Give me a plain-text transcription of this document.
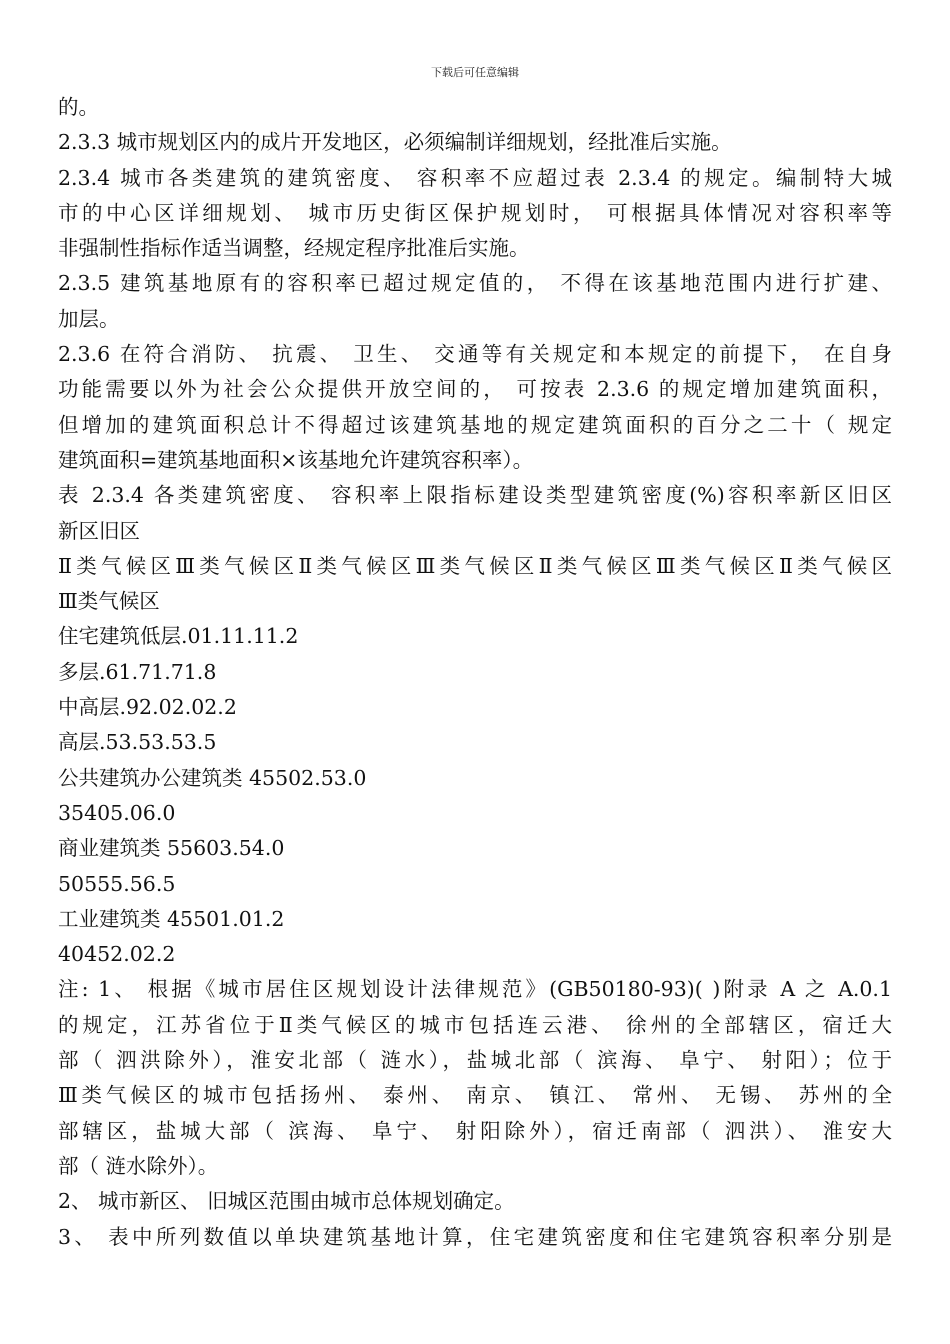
下载后可任意编辑
的。
2.3.3 城市规划区内的成片开发地区，必须编制详细规划，经批准后实施。
2.3.4 城市各类建筑的建筑密度、 容积率不应超过表 2.3.4 的规定。编制特大城
市的中心区详细规划、 城市历史街区保护规划时， 可根据具体情况对容积率等
非强制性指标作适当调整，经规定程序批准后实施。
2.3.5 建筑基地原有的容积率已超过规定值的， 不得在该基地范围内进行扩建、
加层。
2.3.6 在符合消防、 抗震、 卫生、 交通等有关规定和本规定的前提下， 在自身
功能需要以外为社会公众提供开放空间的， 可按表 2.3.6 的规定增加建筑面积，
但增加的建筑面积总计不得超过该建筑基地的规定建筑面积的百分之二十（ 规定
建筑面积=建筑基地面积×该基地允许建筑容积率）。
表 2.3.4 各类建筑密度、 容积率上限指标建设类型建筑密度(%)容积率新区旧区
新区旧区
Ⅱ类气候区Ⅲ类气候区Ⅱ类气候区Ⅲ类气候区Ⅱ类气候区Ⅲ类气候区Ⅱ类气候区
Ⅲ类气候区
住宅建筑低层.01.11.11.2
多层.61.71.71.8
中高层.92.02.02.2
高层.53.53.53.5
公共建筑办公建筑类 45502.53.0
35405.06.0
商业建筑类 55603.54.0
50555.56.5
工业建筑类 45501.01.2
40452.02.2
注: 1、 根据《城市居住区规划设计法律规范》(GB50180-93)( )附录 A 之 A.0.1
的规定，江苏省位于Ⅱ类气候区的城市包括连云港、 徐州的全部辖区，宿迁大
部（ 泗洪除外），淮安北部（ 涟水），盐城北部（ 滨海、 阜宁、 射阳）；位于
Ⅲ类气候区的城市包括扬州、 泰州、 南京、 镇江、 常州、 无锡、 苏州的全
部辖区，盐城大部（ 滨海、 阜宁、 射阳除外），宿迁南部（ 泗洪）、 淮安大
部（ 涟水除外）。
2、 城市新区、 旧城区范围由城市总体规划确定。
3、 表中所列数值以单块建筑基地计算，住宅建筑密度和住宅建筑容积率分别是
